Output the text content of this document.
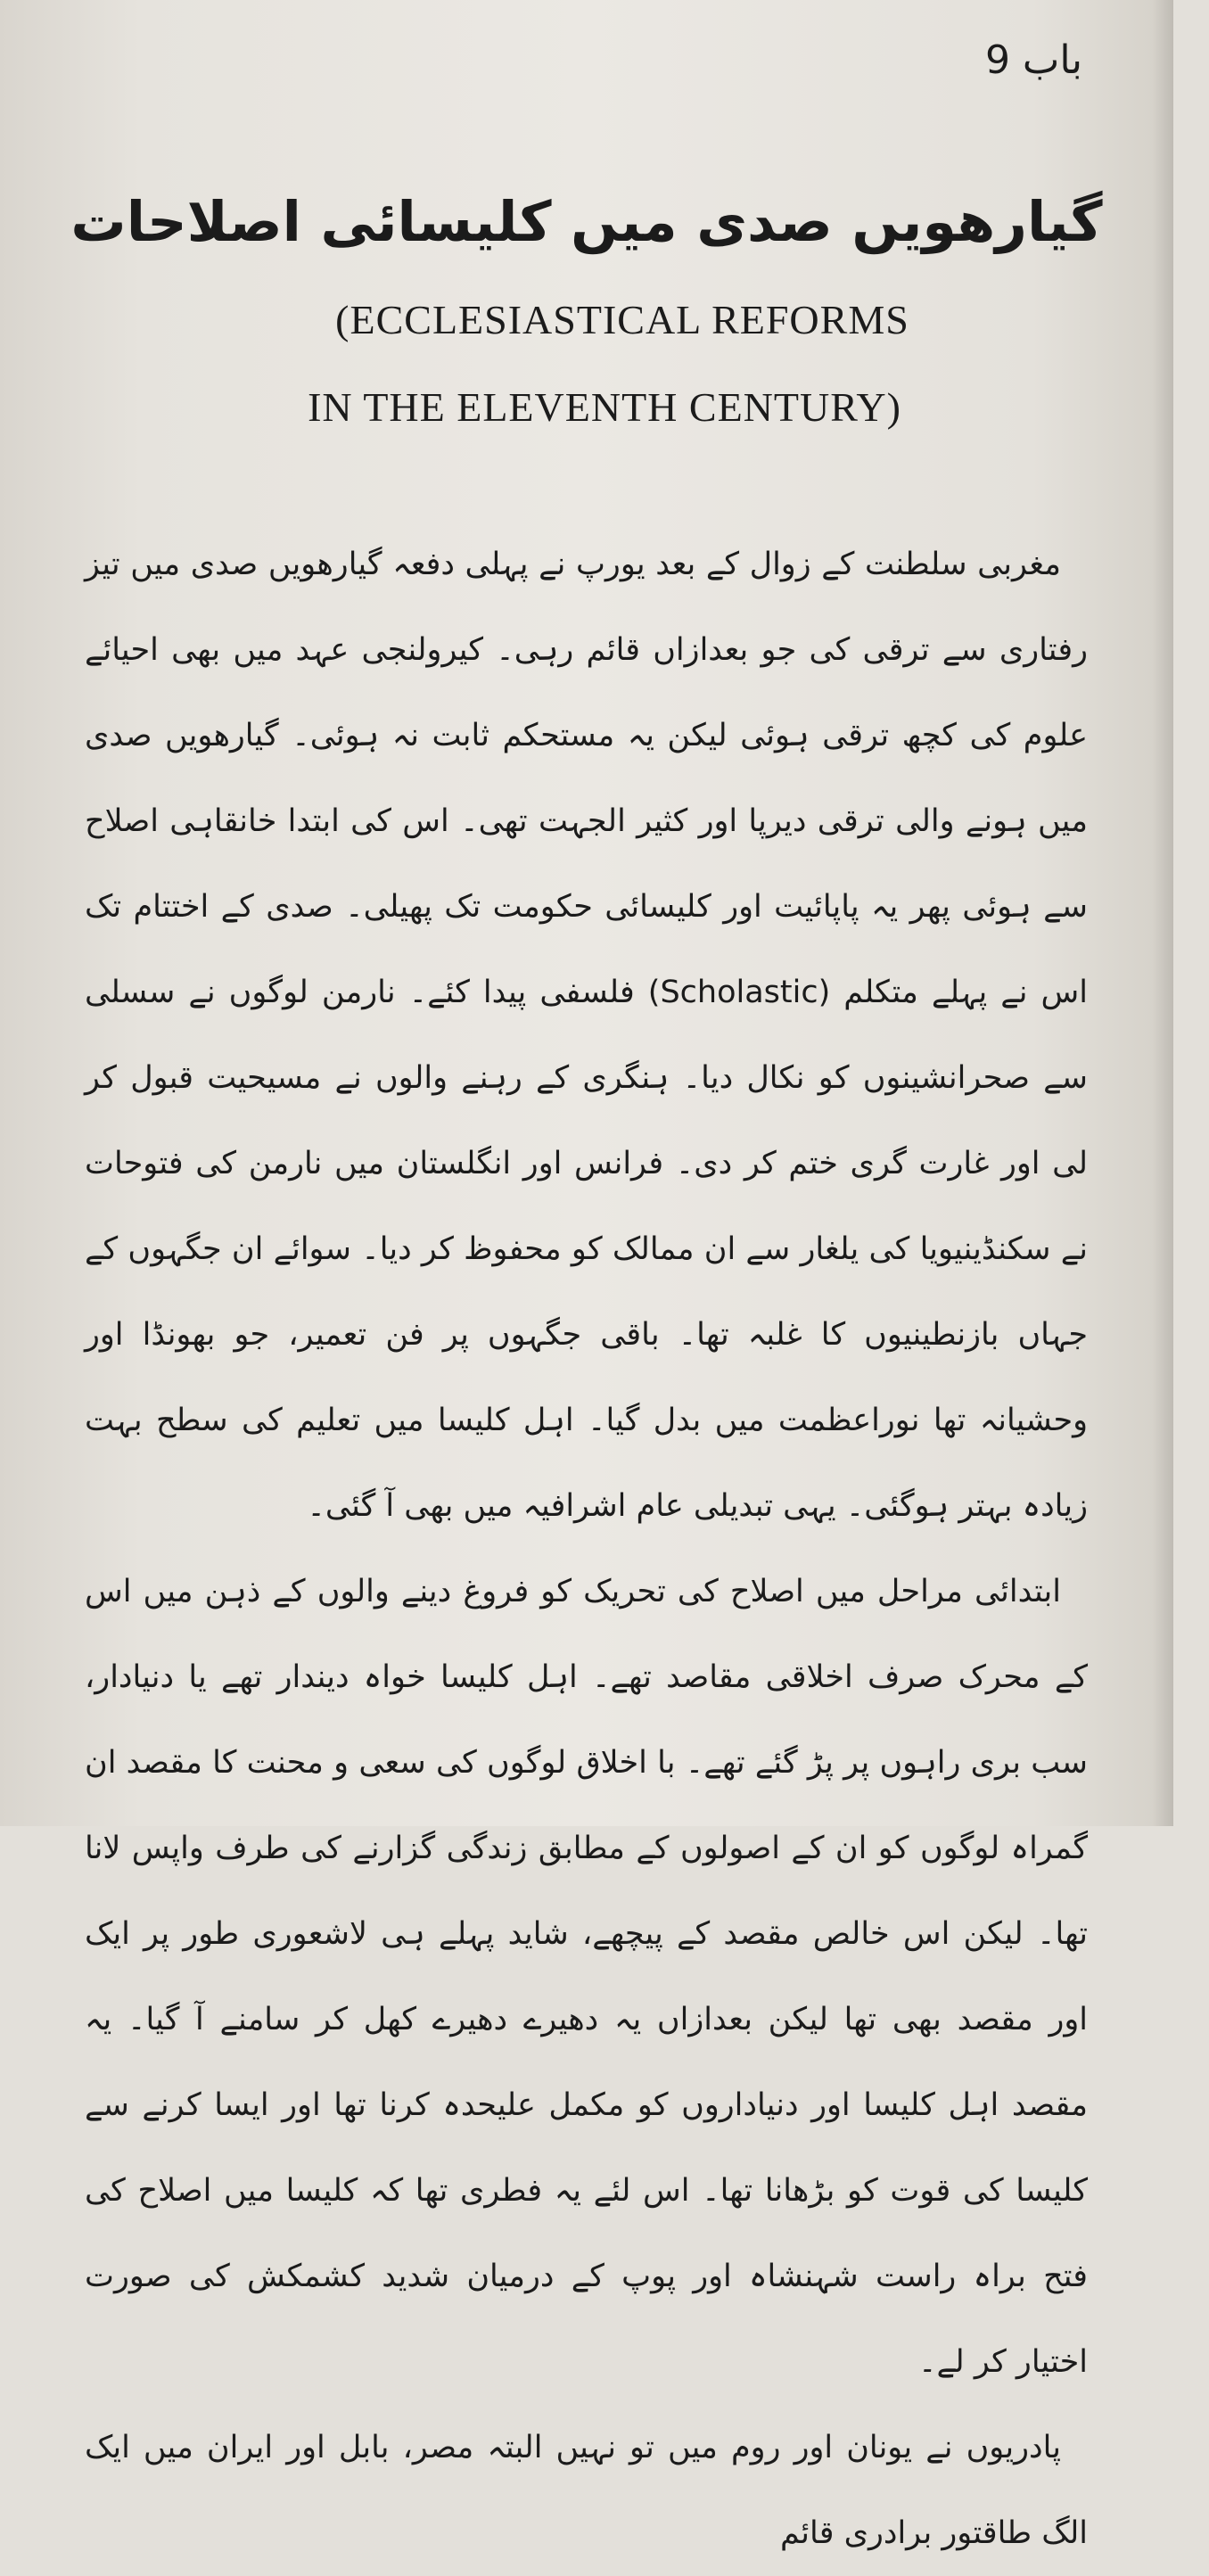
باب 9
گیارھویں صدی میں کلیسائی اصلاحات
(ECCLESIASTICAL REFORMS
IN THE ELEVENTH CENTURY)

مغربی سلطنت کے زوال کے بعد یورپ نے پہلی دفعہ گیارھویں صدی میں تیز رفتاری سے ترقی کی جو بعدازاں قائم رہی۔ کیرولنجی عہد میں بھی احیائے علوم کی کچھ ترقی ہوئی لیکن یہ مستحکم ثابت نہ ہوئی۔ گیارھویں صدی میں ہونے والی ترقی دیرپا اور کثیر الجہت تھی۔ اس کی ابتدا خانقاہی اصلاح سے ہوئی پھر یہ پاپائیت اور کلیسائی حکومت تک پھیلی۔ صدی کے اختتام تک اس نے پہلے متکلم (Scholastic) فلسفی پیدا کئے۔ نارمن لوگوں نے سسلی سے صحرانشینوں کو نکال دیا۔ ہنگری کے رہنے والوں نے مسیحیت قبول کر لی اور غارت گری ختم کر دی۔ فرانس اور انگلستان میں نارمن کی فتوحات نے سکنڈینیویا کی یلغار سے ان ممالک کو محفوظ کر دیا۔ سوائے ان جگہوں کے جہاں بازنطینیوں کا غلبہ تھا۔ باقی جگہوں پر فن تعمیر، جو بھونڈا اور وحشیانہ تھا نوراعظمت میں بدل گیا۔ اہل کلیسا میں تعلیم کی سطح بہت زیادہ بہتر ہوگئی۔ یہی تبدیلی عام اشرافیہ میں بھی آ گئی۔

ابتدائی مراحل میں اصلاح کی تحریک کو فروغ دینے والوں کے ذہن میں اس کے محرک صرف اخلاقی مقاصد تھے۔ اہل کلیسا خواہ دیندار تھے یا دنیادار، سب بری راہوں پر پڑ گئے تھے۔ با اخلاق لوگوں کی سعی و محنت کا مقصد ان گمراہ لوگوں کو ان کے اصولوں کے مطابق زندگی گزارنے کی طرف واپس لانا تھا۔ لیکن اس خالص مقصد کے پیچھے، شاید پہلے ہی لاشعوری طور پر ایک اور مقصد بھی تھا لیکن بعدازاں یہ دھیرے دھیرے کھل کر سامنے آ گیا۔ یہ مقصد اہل کلیسا اور دنیاداروں کو مکمل علیحدہ کرنا تھا اور ایسا کرنے سے کلیسا کی قوت کو بڑھانا تھا۔ اس لئے یہ فطری تھا کہ کلیسا میں اصلاح کی فتح براہ راست شہنشاہ اور پوپ کے درمیان شدید کشمکش کی صورت اختیار کر لے۔

پادریوں نے یونان اور روم میں تو نہیں البتہ مصر، بابل اور ایران میں ایک الگ طاقتور برادری قائم
